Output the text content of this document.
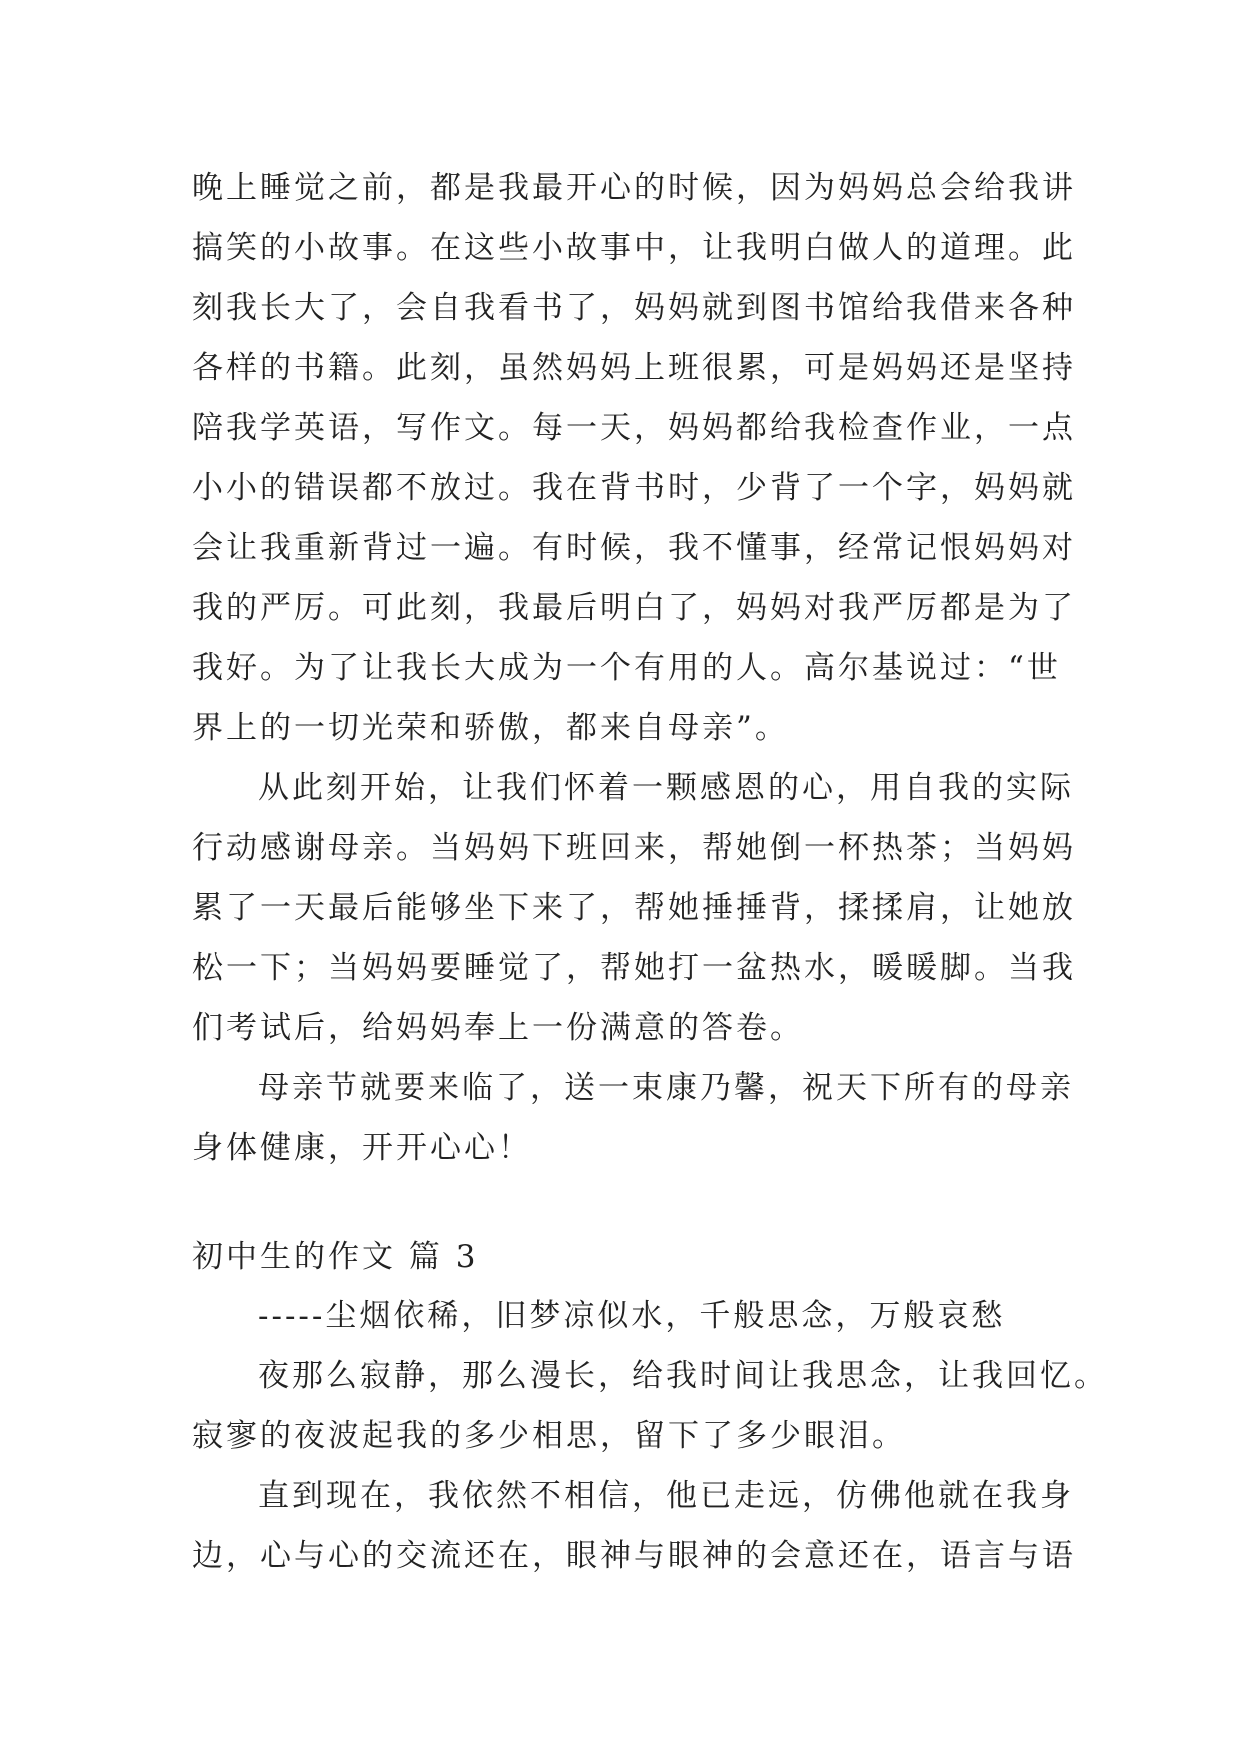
晚上睡觉之前，都是我最开心的时候，因为妈妈总会给我讲
搞笑的小故事。在这些小故事中，让我明白做人的道理。此
刻我长大了，会自我看书了，妈妈就到图书馆给我借来各种
各样的书籍。此刻，虽然妈妈上班很累，可是妈妈还是坚持
陪我学英语，写作文。每一天，妈妈都给我检查作业，一点
小小的错误都不放过。我在背书时，少背了一个字，妈妈就
会让我重新背过一遍。有时候，我不懂事，经常记恨妈妈对
我的严厉。可此刻，我最后明白了，妈妈对我严厉都是为了
我好。为了让我长大成为一个有用的人。高尔基说过：“世
界上的一切光荣和骄傲，都来自母亲”。
从此刻开始，让我们怀着一颗感恩的心，用自我的实际
行动感谢母亲。当妈妈下班回来，帮她倒一杯热茶；当妈妈
累了一天最后能够坐下来了，帮她捶捶背，揉揉肩，让她放
松一下；当妈妈要睡觉了，帮她打一盆热水，暖暖脚。当我
们考试后，给妈妈奉上一份满意的答卷。
母亲节就要来临了，送一束康乃馨，祝天下所有的母亲
身体健康，开开心心！
初中生的作文 篇 3
-----尘烟依稀，旧梦凉似水，千般思念，万般哀愁
夜那么寂静，那么漫长，给我时间让我思念，让我回忆。
寂寥的夜波起我的多少相思，留下了多少眼泪。
直到现在，我依然不相信，他已走远，仿佛他就在我身
边，心与心的交流还在，眼神与眼神的会意还在，语言与语
